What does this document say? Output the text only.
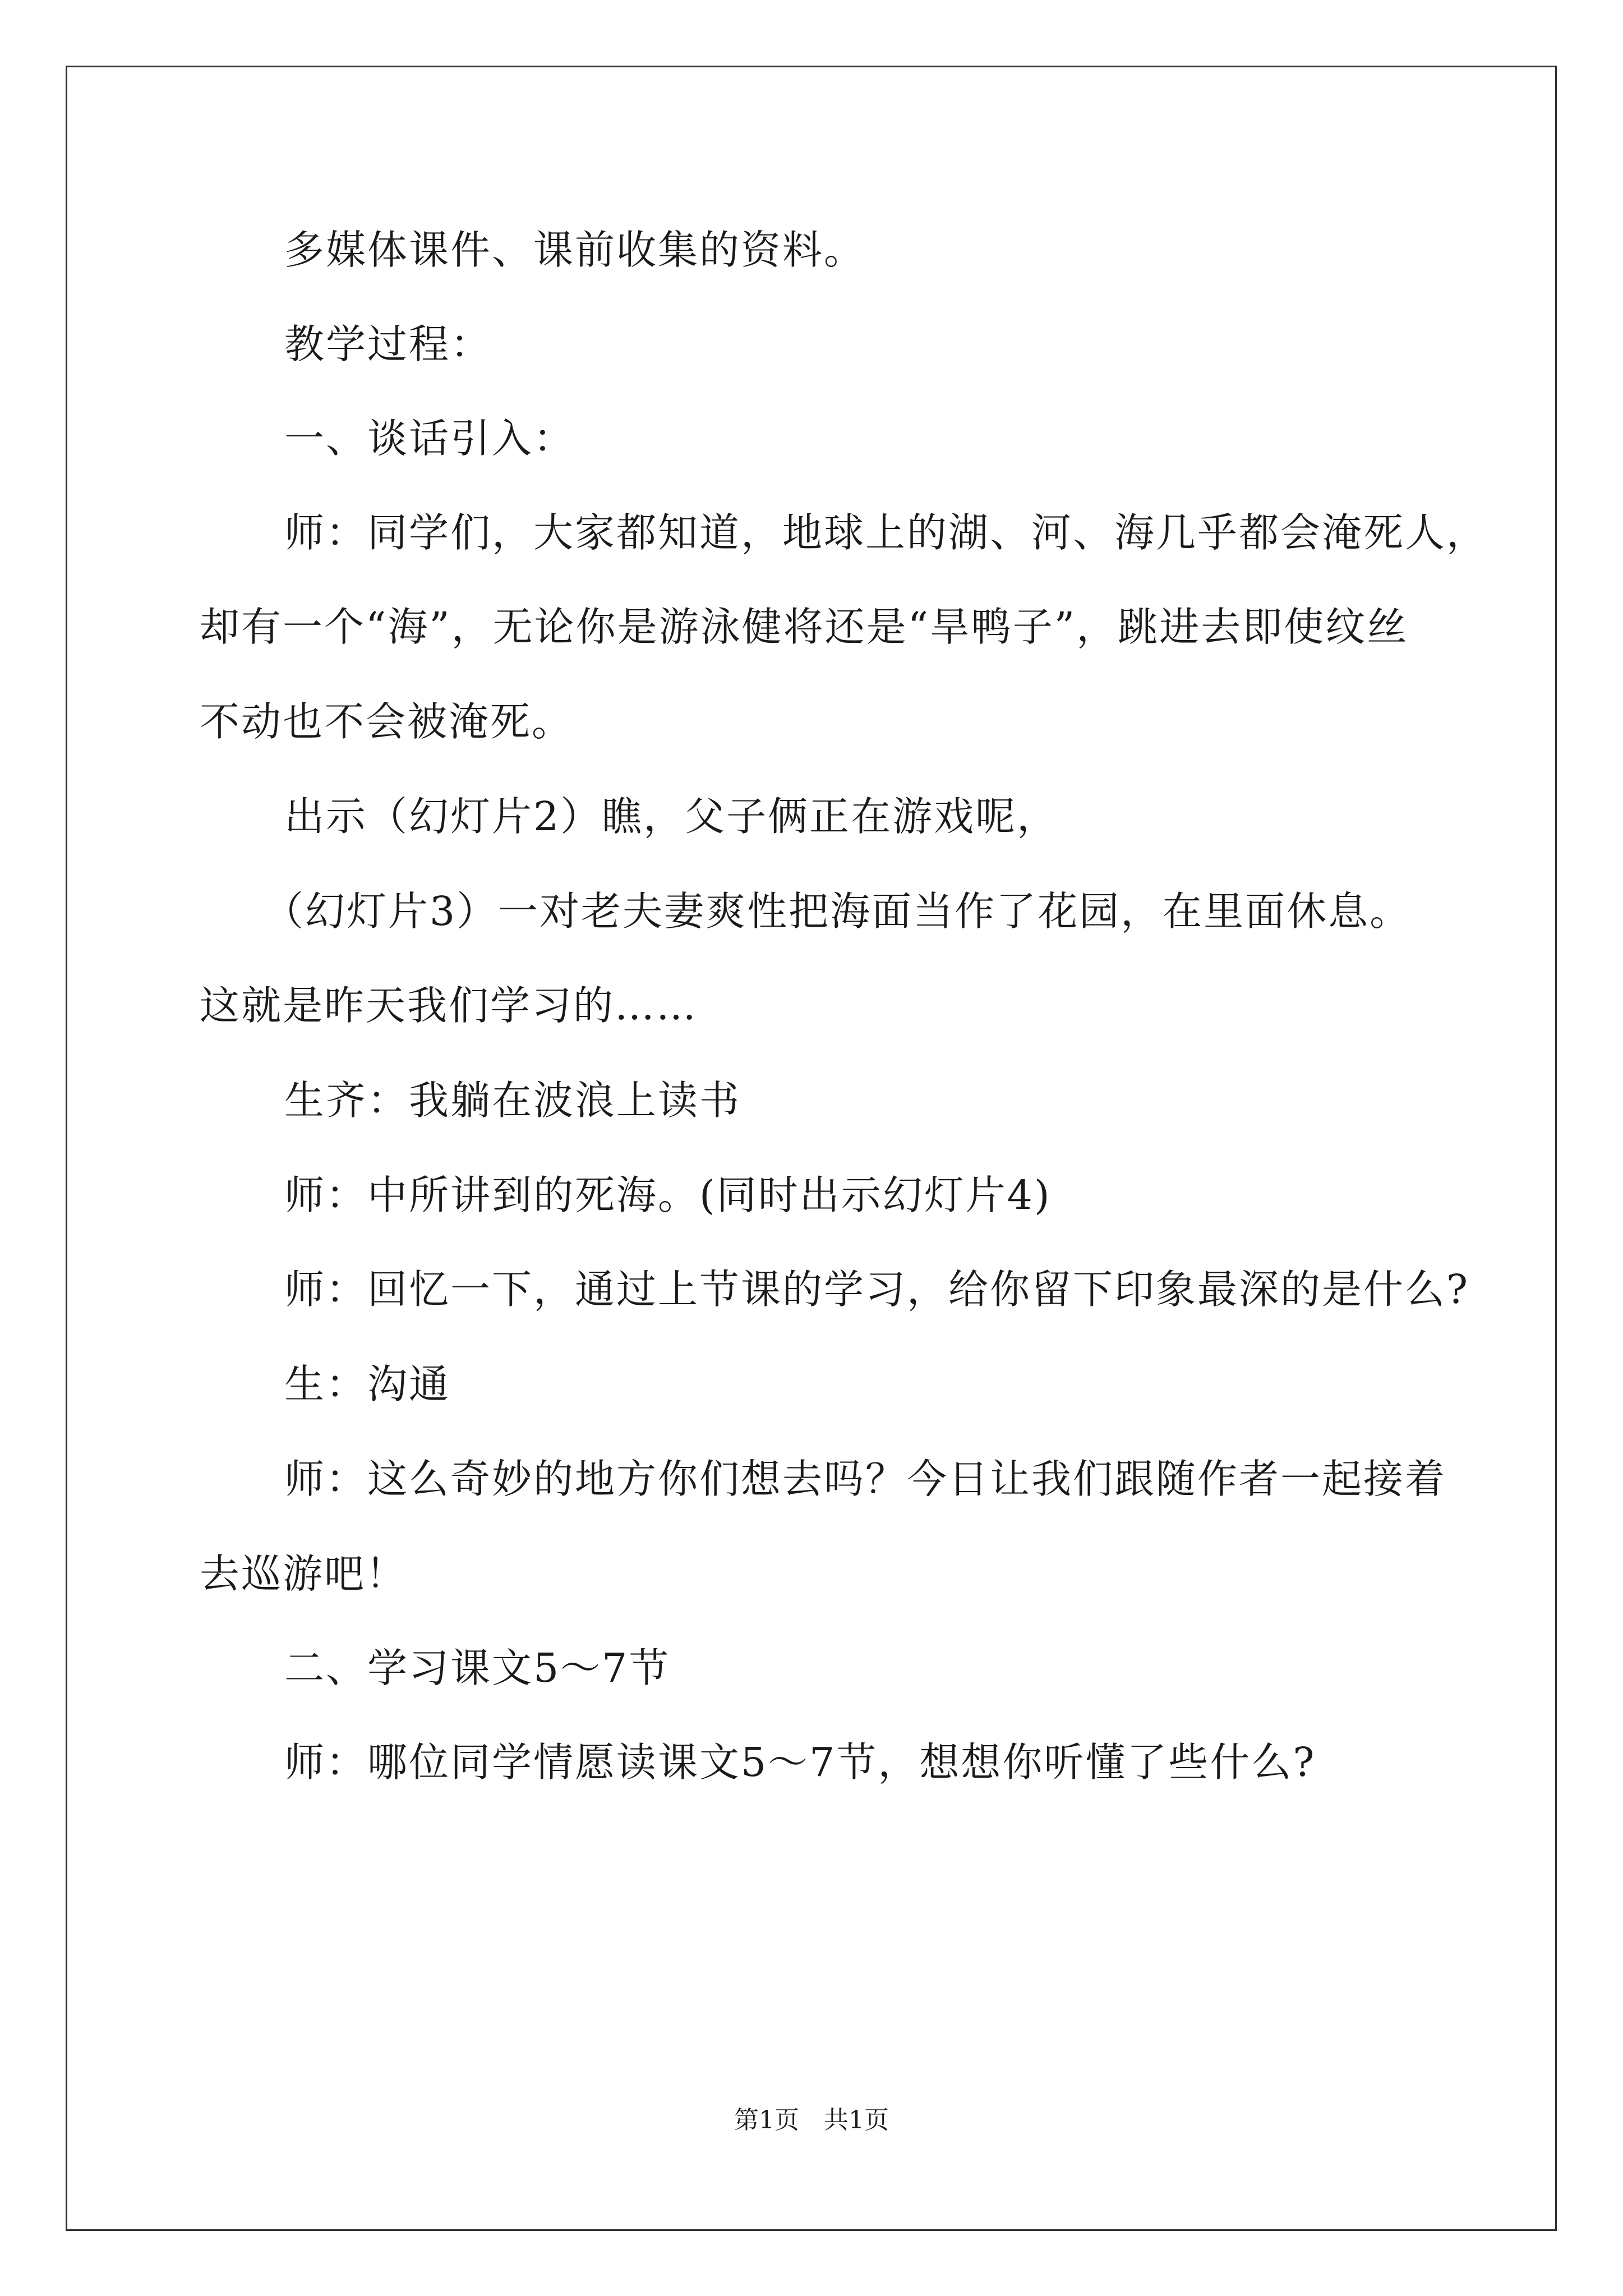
多媒体课件、课前收集的资料。
教学过程：
一、谈话引入：
师：同学们，大家都知道，地球上的湖、河、海几乎都会淹死人，
却有一个“海”，无论你是游泳健将还是“旱鸭子”，跳进去即使纹丝
不动也不会被淹死。
出示（幻灯片2）瞧，父子俩正在游戏呢，
（幻灯片3）一对老夫妻爽性把海面当作了花园，在里面休息。
这就是昨天我们学习的……
生齐：我躺在波浪上读书
师：中所讲到的死海。(同时出示幻灯片4)
师：回忆一下，通过上节课的学习，给你留下印象最深的是什么?
生：沟通
师：这么奇妙的地方你们想去吗？今日让我们跟随作者一起接着
去巡游吧！
二、学习课文5～7节
师：哪位同学情愿读课文5～7节，想想你听懂了些什么?
第1页　共1页
